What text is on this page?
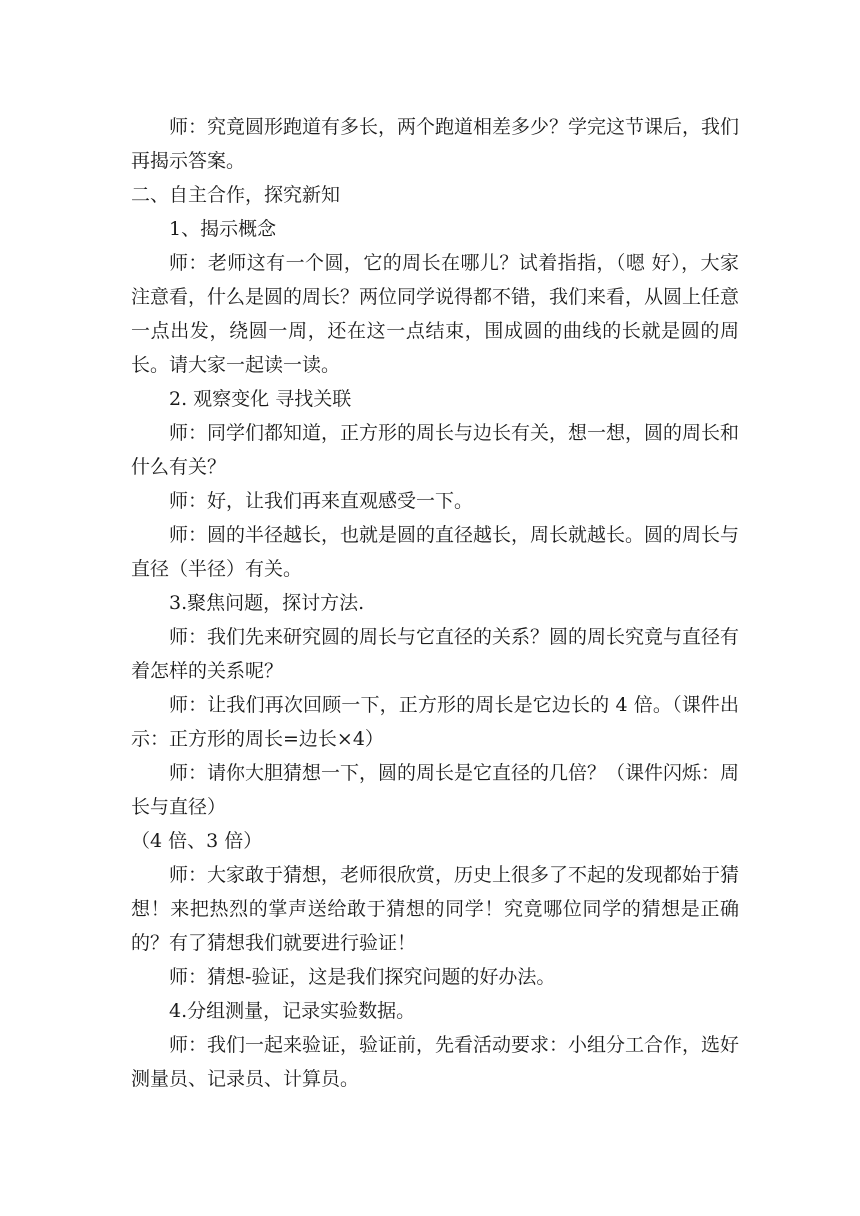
师：究竟圆形跑道有多长，两个跑道相差多少？学完这节课后，我们再揭示答案。

二、自主合作，探究新知

1、揭示概念

师：老师这有一个圆，它的周长在哪儿？试着指指，（嗯 好），大家注意看，什么是圆的周长？两位同学说得都不错，我们来看，从圆上任意一点出发，绕圆一周，还在这一点结束，围成圆的曲线的长就是圆的周长。请大家一起读一读。

2. 观察变化 寻找关联

师：同学们都知道，正方形的周长与边长有关，想一想，圆的周长和什么有关？

师：好，让我们再来直观感受一下。

师：圆的半径越长，也就是圆的直径越长，周长就越长。圆的周长与直径（半径）有关。

3.聚焦问题，探讨方法.

师：我们先来研究圆的周长与它直径的关系？圆的周长究竟与直径有着怎样的关系呢？

师：让我们再次回顾一下，正方形的周长是它边长的 4 倍。（课件出示：正方形的周长=边长×4）

师：请你大胆猜想一下，圆的周长是它直径的几倍？（课件闪烁：周长与直径）

（4 倍、3 倍）

师：大家敢于猜想，老师很欣赏，历史上很多了不起的发现都始于猜想！来把热烈的掌声送给敢于猜想的同学！究竟哪位同学的猜想是正确的？有了猜想我们就要进行验证！

师：猜想-验证，这是我们探究问题的好办法。

4.分组测量，记录实验数据。

师：我们一起来验证，验证前，先看活动要求：小组分工合作，选好测量员、记录员、计算员。
